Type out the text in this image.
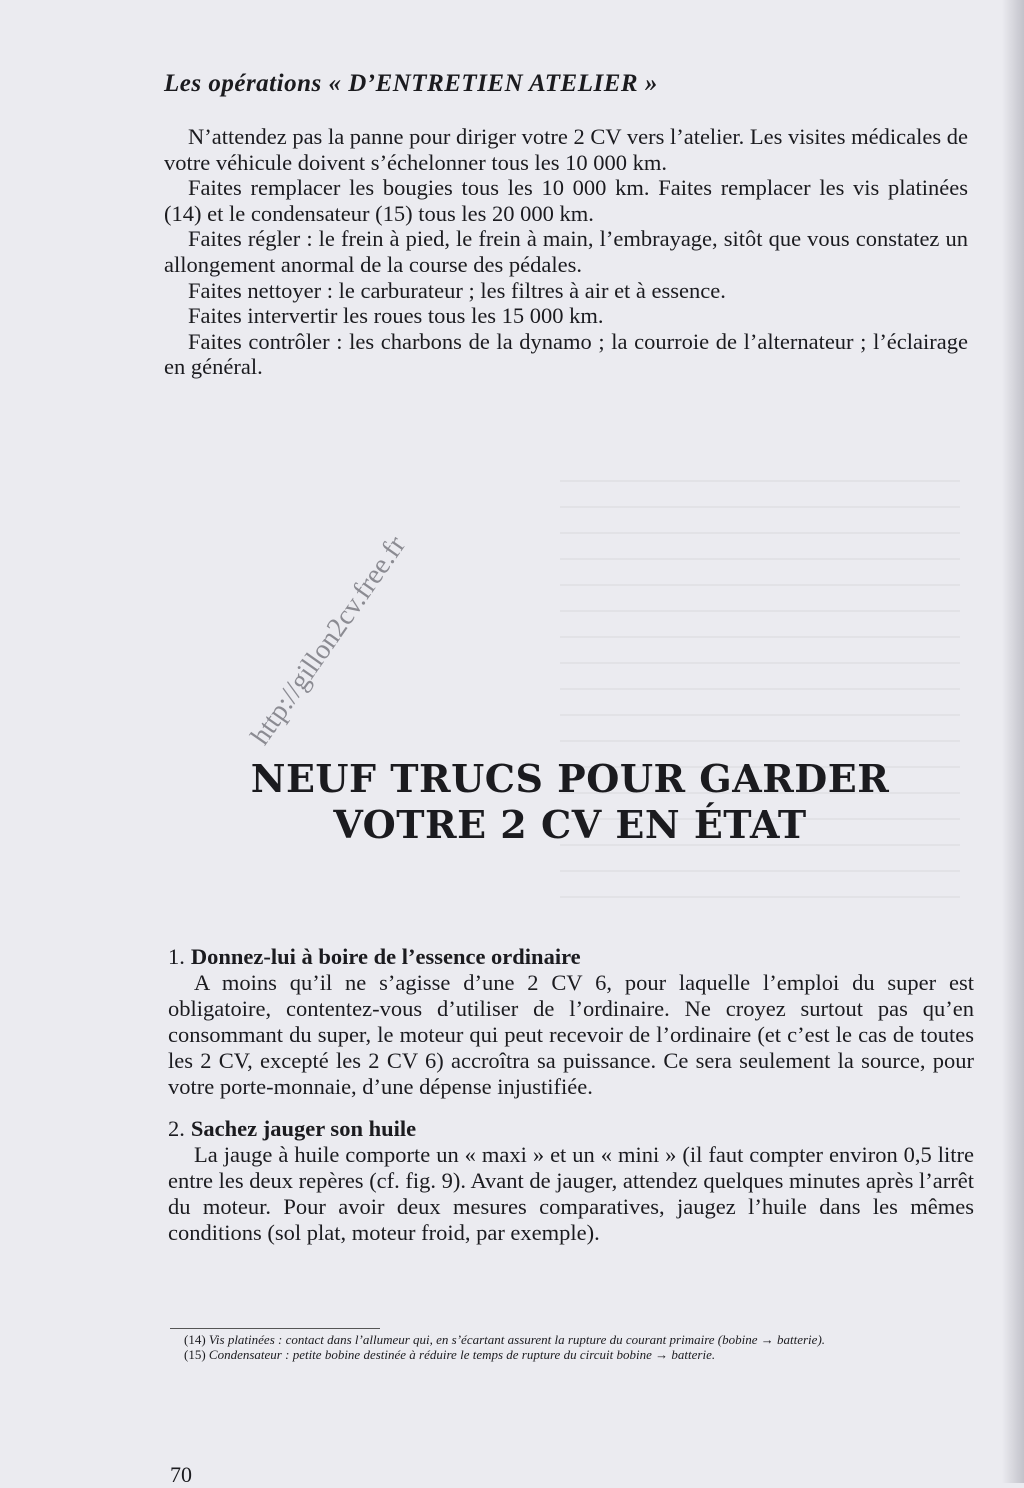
Les opérations « D’ENTRETIEN ATELIER »

N’attendez pas la panne pour diriger votre 2 CV vers l’atelier. Les visites médicales de votre véhicule doivent s’échelonner tous les 10 000 km.

Faites remplacer les bougies tous les 10 000 km. Faites remplacer les vis platinées (14) et le condensateur (15) tous les 20 000 km.

Faites régler : le frein à pied, le frein à main, l’embrayage, sitôt que vous constatez un allongement anormal de la course des pédales.

Faites nettoyer : le carburateur ; les filtres à air et à essence.

Faites intervertir les roues tous les 15 000 km.

Faites contrôler : les charbons de la dynamo ; la courroie de l’alternateur ; l’éclairage en général.

NEUF TRUCS POUR GARDER
VOTRE 2 CV EN ÉTAT

1. Donnez-lui à boire de l’essence ordinaire

A moins qu’il ne s’agisse d’une 2 CV 6, pour laquelle l’emploi du super est obligatoire, contentez-vous d’utiliser de l’ordinaire. Ne croyez surtout pas qu’en consommant du super, le moteur qui peut recevoir de l’ordinaire (et c’est le cas de toutes les 2 CV, excepté les 2 CV 6) accroîtra sa puissance. Ce sera seulement la source, pour votre porte-monnaie, d’une dépense injustifiée.

2. Sachez jauger son huile

La jauge à huile comporte un « maxi » et un « mini » (il faut compter environ 0,5 litre entre les deux repères (cf. fig. 9). Avant de jauger, attendez quelques minutes après l’arrêt du moteur. Pour avoir deux mesures comparatives, jaugez l’huile dans les mêmes conditions (sol plat, moteur froid, par exemple).

(14) Vis platinées : contact dans l’allumeur qui, en s’écartant assurent la rupture du courant primaire (bobine → batterie).

(15) Condensateur : petite bobine destinée à réduire le temps de rupture du circuit bobine → batterie.

70

http://gillon2cv.free.fr
